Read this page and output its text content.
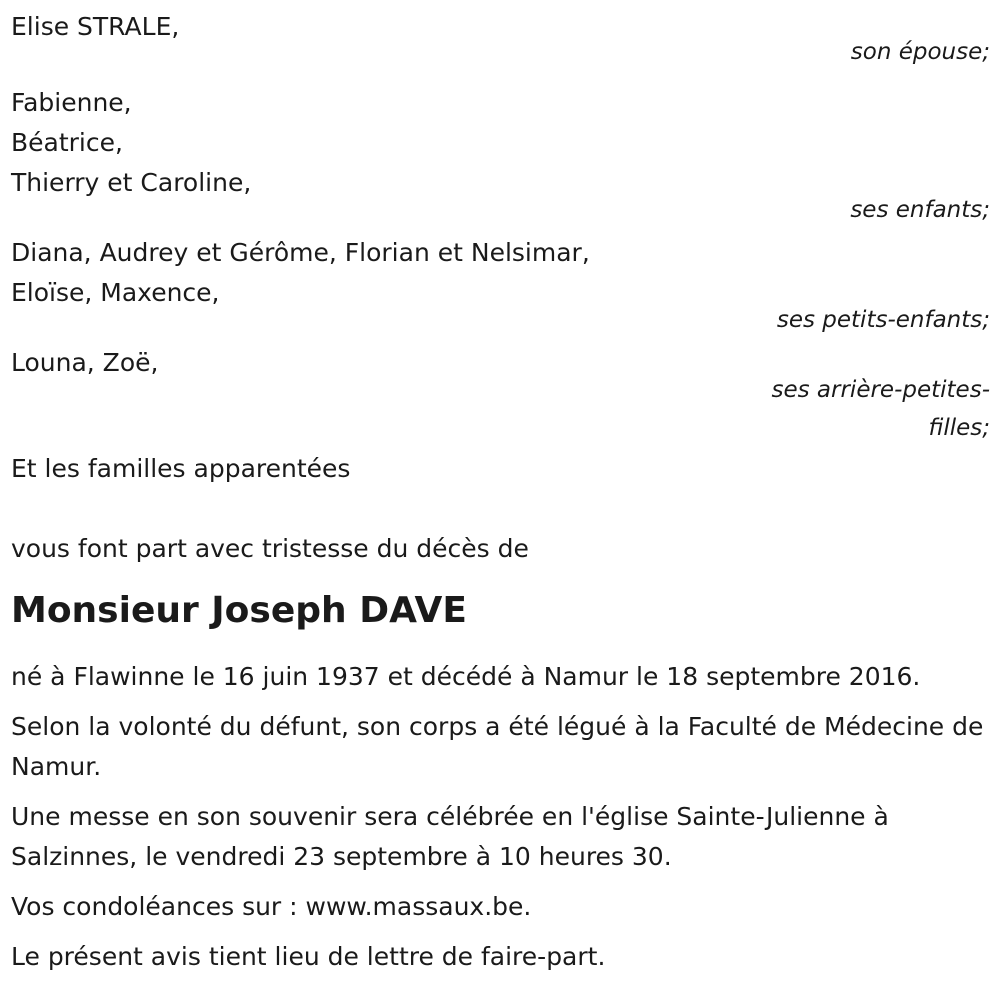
Elise STRALE,
son épouse;
Fabienne,
Béatrice,
Thierry et Caroline,
ses enfants;
Diana, Audrey et Gérôme, Florian et Nelsimar,
Eloïse, Maxence,
ses petits-enfants;
Louna, Zoë,
ses arrière-petites-
filles;
Et les familles apparentées
vous font part avec tristesse du décès de
Monsieur Joseph DAVE
né à Flawinne le 16 juin 1937 et décédé à Namur le 18 septembre 2016.
Selon la volonté du défunt, son corps a été légué à la Faculté de Médecine de Namur.
Une messe en son souvenir sera célébrée en l'église Sainte-Julienne à Salzinnes, le vendredi 23 septembre à 10 heures 30.
Vos condoléances sur : www.massaux.be.
Le présent avis tient lieu de lettre de faire-part.
